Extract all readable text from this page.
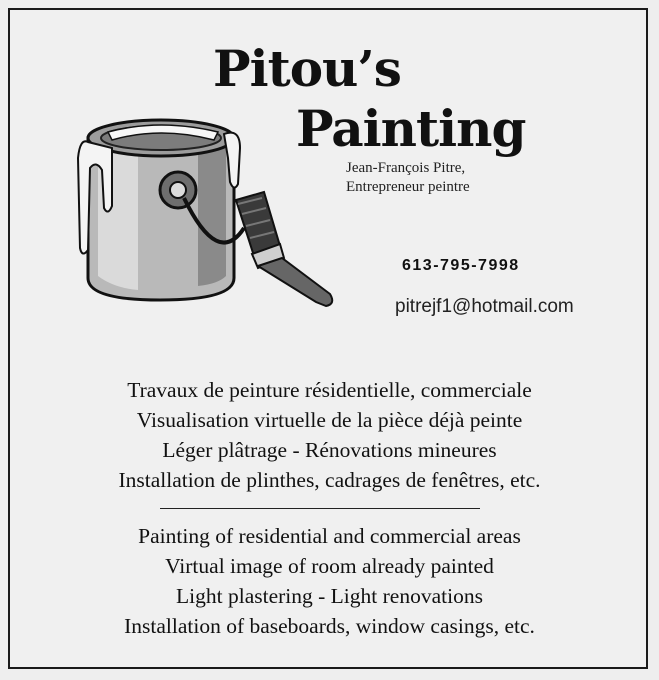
Pitou’s
Painting
Jean-François Pitre,
Entrepreneur peintre
613-795-7998
pitrejf1@hotmail.com
Travaux de peinture résidentielle, commerciale
Visualisation virtuelle de la pièce déjà peinte
Léger plâtrage - Rénovations mineures
Installation de plinthes, cadrages de fenêtres, etc.
Painting of residential and commercial areas
Virtual image of room already painted
Light plastering - Light renovations
Installation of baseboards, window casings, etc.
